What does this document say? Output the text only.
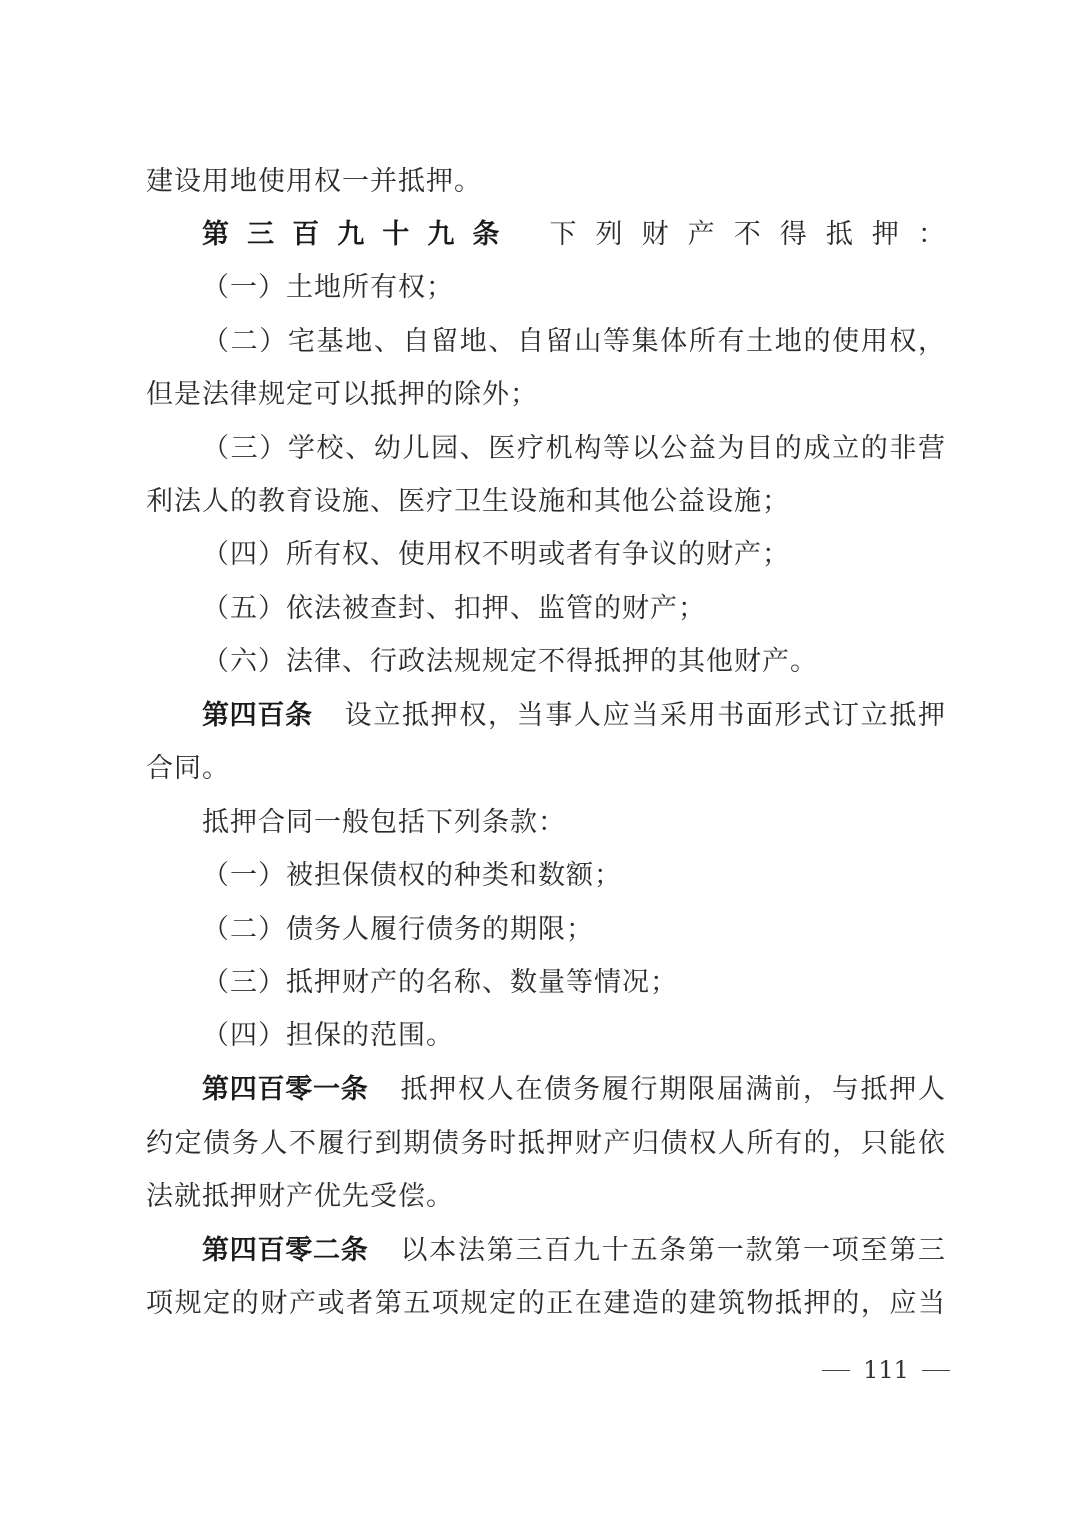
建设用地使用权一并抵押。
第三百九十九条 下列财产不得抵押：
（一）土地所有权；
（二）宅基地、自留地、自留山等集体所有土地的使用权，
但是法律规定可以抵押的除外；
（三）学校、幼儿园、医疗机构等以公益为目的成立的非营
利法人的教育设施、医疗卫生设施和其他公益设施；
（四）所有权、使用权不明或者有争议的财产；
（五）依法被查封、扣押、监管的财产；
（六）法律、行政法规规定不得抵押的其他财产。
第四百条 设立抵押权，当事人应当采用书面形式订立抵押
合同。
抵押合同一般包括下列条款：
（一）被担保债权的种类和数额；
（二）债务人履行债务的期限；
（三）抵押财产的名称、数量等情况；
（四）担保的范围。
第四百零一条 抵押权人在债务履行期限届满前，与抵押人
约定债务人不履行到期债务时抵押财产归债权人所有的，只能依
法就抵押财产优先受偿。
第四百零二条 以本法第三百九十五条第一款第一项至第三
项规定的财产或者第五项规定的正在建造的建筑物抵押的，应当
111
